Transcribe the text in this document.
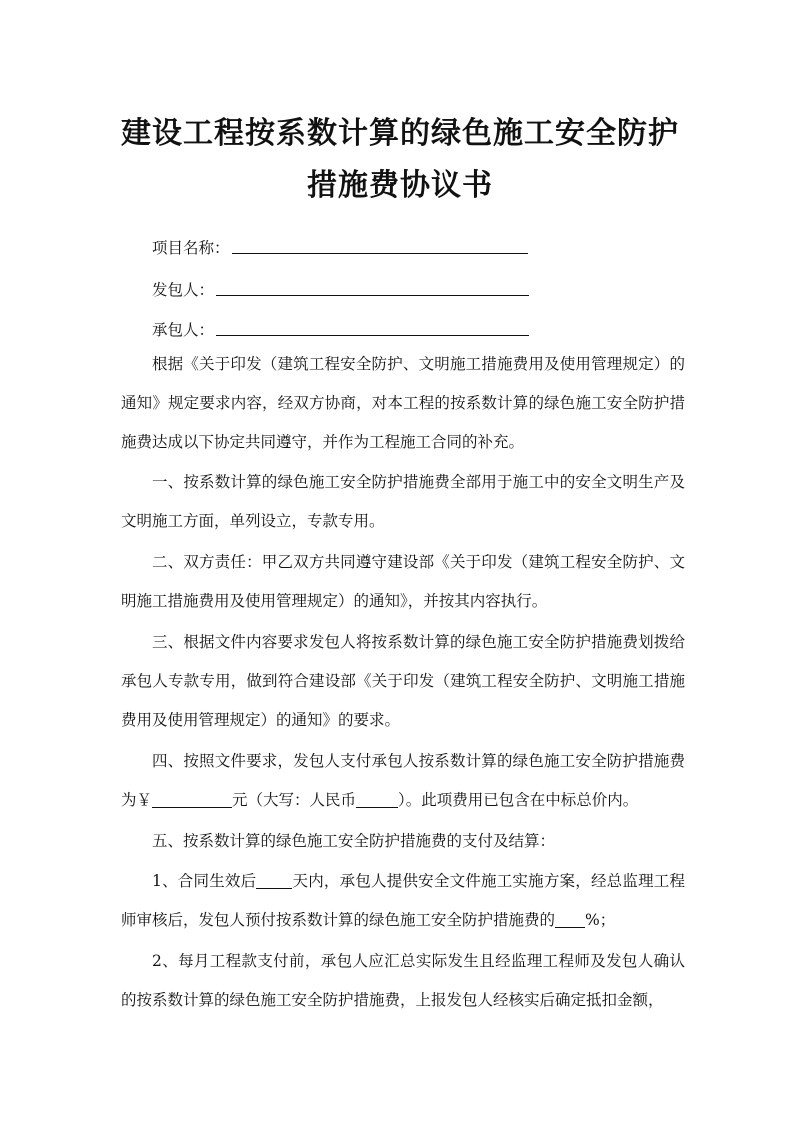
建设工程按系数计算的绿色施工安全防护
措施费协议书
项目名称：
发包人：
承包人：
根据《关于印发（建筑工程安全防护、文明施工措施费用及使用管理规定）的通知》规定要求内容，经双方协商，对本工程的按系数计算的绿色施工安全防护措施费达成以下协定共同遵守，并作为工程施工合同的补充。
一、按系数计算的绿色施工安全防护措施费全部用于施工中的安全文明生产及文明施工方面，单列设立，专款专用。
二、双方责任：甲乙双方共同遵守建设部《关于印发（建筑工程安全防护、文明施工措施费用及使用管理规定）的通知》，并按其内容执行。
三、根据文件内容要求发包人将按系数计算的绿色施工安全防护措施费划拨给承包人专款专用，做到符合建设部《关于印发（建筑工程安全防护、文明施工措施费用及使用管理规定）的通知》的要求。
四、按照文件要求，发包人支付承包人按系数计算的绿色施工安全防护措施费为￥	元（大写：人民币	）。此项费用已包含在中标总价内。
五、按系数计算的绿色施工安全防护措施费的支付及结算：
1、合同生效后 天内，承包人提供安全文件施工实施方案，经总监理工程师审核后，发包人预付按系数计算的绿色施工安全防护措施费的 %；
2、每月工程款支付前，承包人应汇总实际发生且经监理工程师及发包人确认的按系数计算的绿色施工安全防护措施费，上报发包人经核实后确定抵扣金额，
